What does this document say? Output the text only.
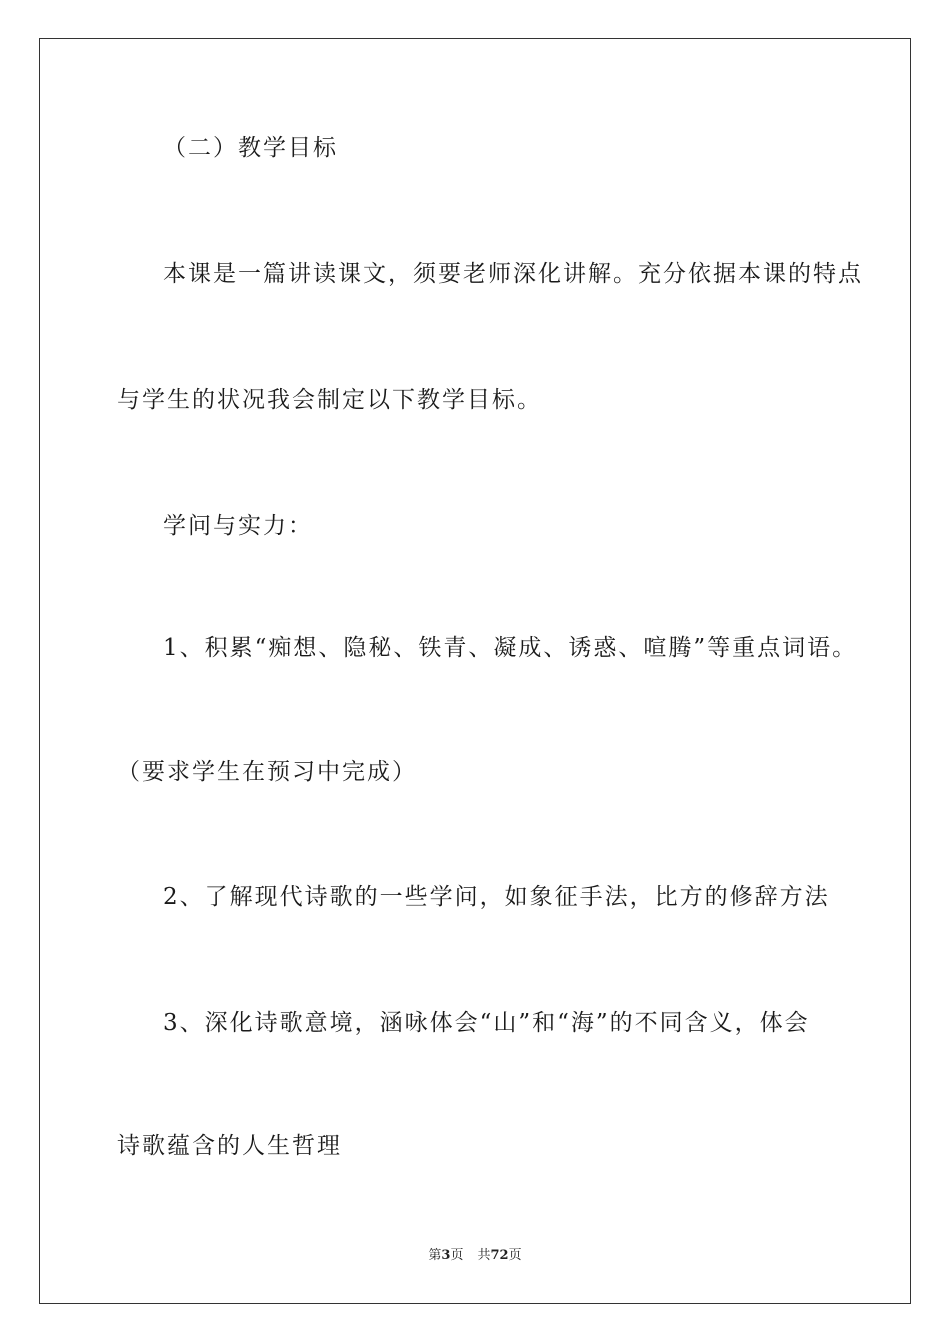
（二）教学目标
本课是一篇讲读课文，须要老师深化讲解。充分依据本课的特点
与学生的状况我会制定以下教学目标。
学问与实力：
1、积累“痴想、隐秘、铁青、凝成、诱惑、喧腾”等重点词语。
（要求学生在预习中完成）
2、了解现代诗歌的一些学问，如象征手法，比方的修辞方法
3、深化诗歌意境，涵咏体会“山”和“海”的不同含义，体会
诗歌蕴含的人生哲理
第3页 共72页
